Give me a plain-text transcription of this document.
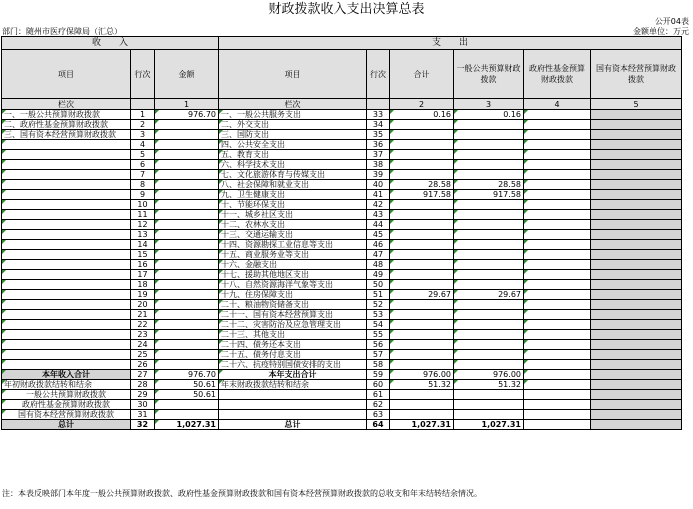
财政拨款收入支出决算总表
公开04表
部门：随州市医疗保障局（汇总）	金额单位：万元
收　　入			支　　出					
项目	行次	金额	项目	行次	合计	一般公共预算财政拨款	政府性基金预算财政拨款	国有资本经营预算财政拨款
栏次		1	栏次		2	3	4	5
一、一般公共预算财政拨款	1	976.70	一、一般公共服务支出	33	0.16	0.16		
二、政府性基金预算财政拨款	2		二、外交支出	34				
三、国有资本经营预算财政拨款	3		三、国防支出	35				
	4		四、公共安全支出	36				
	5		五、教育支出	37				
	6		六、科学技术支出	38				
	7		七、文化旅游体育与传媒支出	39				
	8		八、社会保障和就业支出	40	28.58	28.58		
	9		九、卫生健康支出	41	917.58	917.58		
	10		十、节能环保支出	42				
	11		十一、城乡社区支出	43				
	12		十二、农林水支出	44				
	13		十三、交通运输支出	45				
	14		十四、资源勘探工业信息等支出	46				
	15		十五、商业服务业等支出	47				
	16		十六、金融支出	48				
	17		十七、援助其他地区支出	49				
	18		十八、自然资源海洋气象等支出	50				
	19		十九、住房保障支出	51	29.67	29.67		
	20		二十、粮油物资储备支出	52				
	21		二十一、国有资本经营预算支出	53				
	22		二十二、灾害防治及应急管理支出	54				
	23		二十三、其他支出	55				
	24		二十四、债务还本支出	56				
	25		二十五、债务付息支出	57				
	26		二十六、抗疫特别国债安排的支出	58				
本年收入合计	27	976.70	本年支出合计	59	976.00	976.00		
年初财政拨款结转和结余	28	50.61	年末财政拨款结转和结余	60	51.32	51.32		
一般公共预算财政拨款	29	50.61		61				
政府性基金预算财政拨款	30			62				
国有资本经营预算财政拨款	31			63				
总计	32	1,027.31	总计	64	1,027.31	1,027.31		
注：本表反映部门本年度一般公共预算财政拨款、政府性基金预算财政拨款和国有资本经营预算财政拨款的总收支和年末结转结余情况。
